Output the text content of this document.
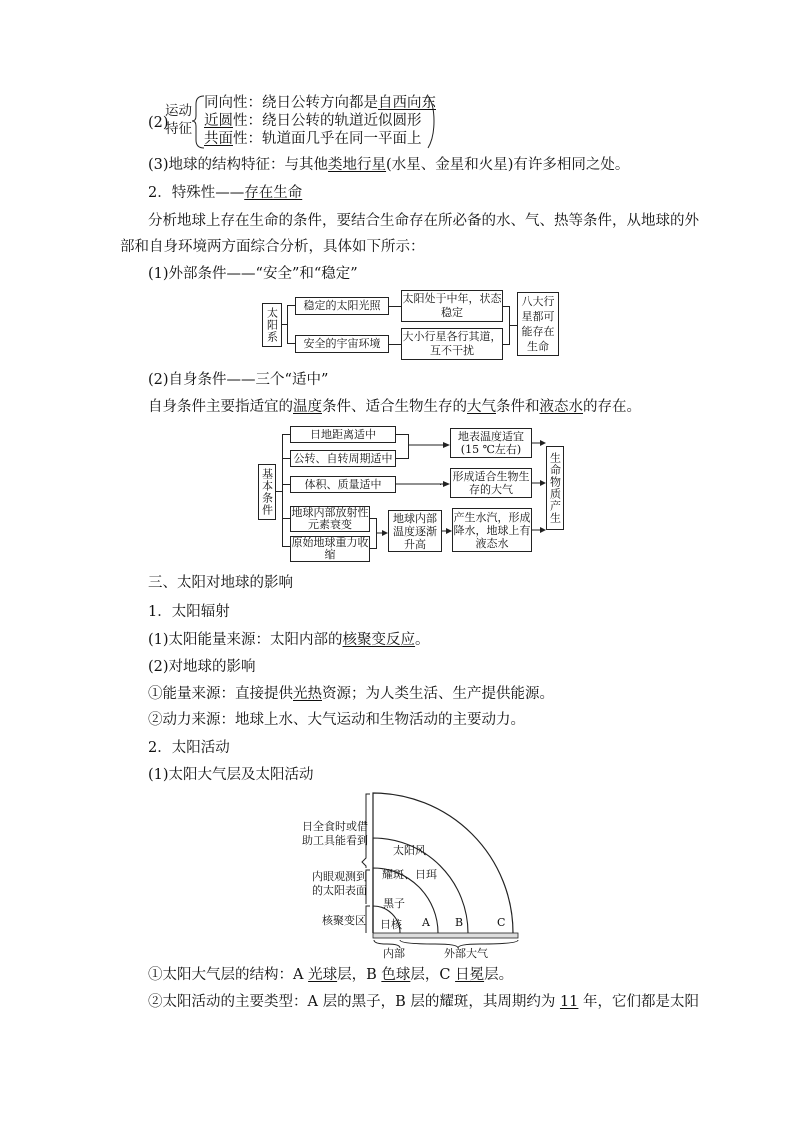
(2)
运动
特征
同向性：绕日公转方向都是自西向东
近圆性：绕日公转的轨道近似圆形
共面性：轨道面几乎在同一平面上
(3)地球的结构特征：与其他类地行星(水星、金星和火星)有许多相同之处。
2．特殊性——存在生命
分析地球上存在生命的条件，要结合生命存在所必备的水、气、热等条件，从地球的外
部和自身环境两方面综合分析，具体如下所示：
(1)外部条件——“安全”和“稳定”
太阳系
稳定的太阳光照
安全的宇宙环境
太阳处于中年，状态稳定
大小行星各行其道，互不干扰
八大行星都可能存在生命
(2)自身条件——三个“适中”
自身条件主要指适宜的温度条件、适合生物生存的大气条件和液态水的存在。
基本条件
日地距离适中
公转、自转周期适中
体积、质量适中
地球内部放射性元素衰变
原始地球重力收缩
地球内部温度逐渐升高
地表温度适宜(15 ℃左右)
形成适合生物生存的大气
产生水汽，形成降水，地球上有液态水
生命物质产生
三、太阳对地球的影响
1．太阳辐射
(1)太阳能量来源：太阳内部的核聚变反应。
(2)对地球的影响
①能量来源：直接提供光热资源；为人类生活、生产提供能源。
②动力来源：地球上水、大气运动和生物活动的主要动力。
2．太阳活动
(1)太阳大气层及太阳活动
日全食时或借
助工具能看到
内眼观测到
的太阳表面
核聚变区
太阳风
耀斑、日珥
黑子
日核 A B	C
内部	外部大气
①太阳大气层的结构：A 光球层，B 色球层，C 日冕层。
②太阳活动的主要类型：A 层的黑子，B 层的耀斑，其周期约为 11 年，它们都是太阳
